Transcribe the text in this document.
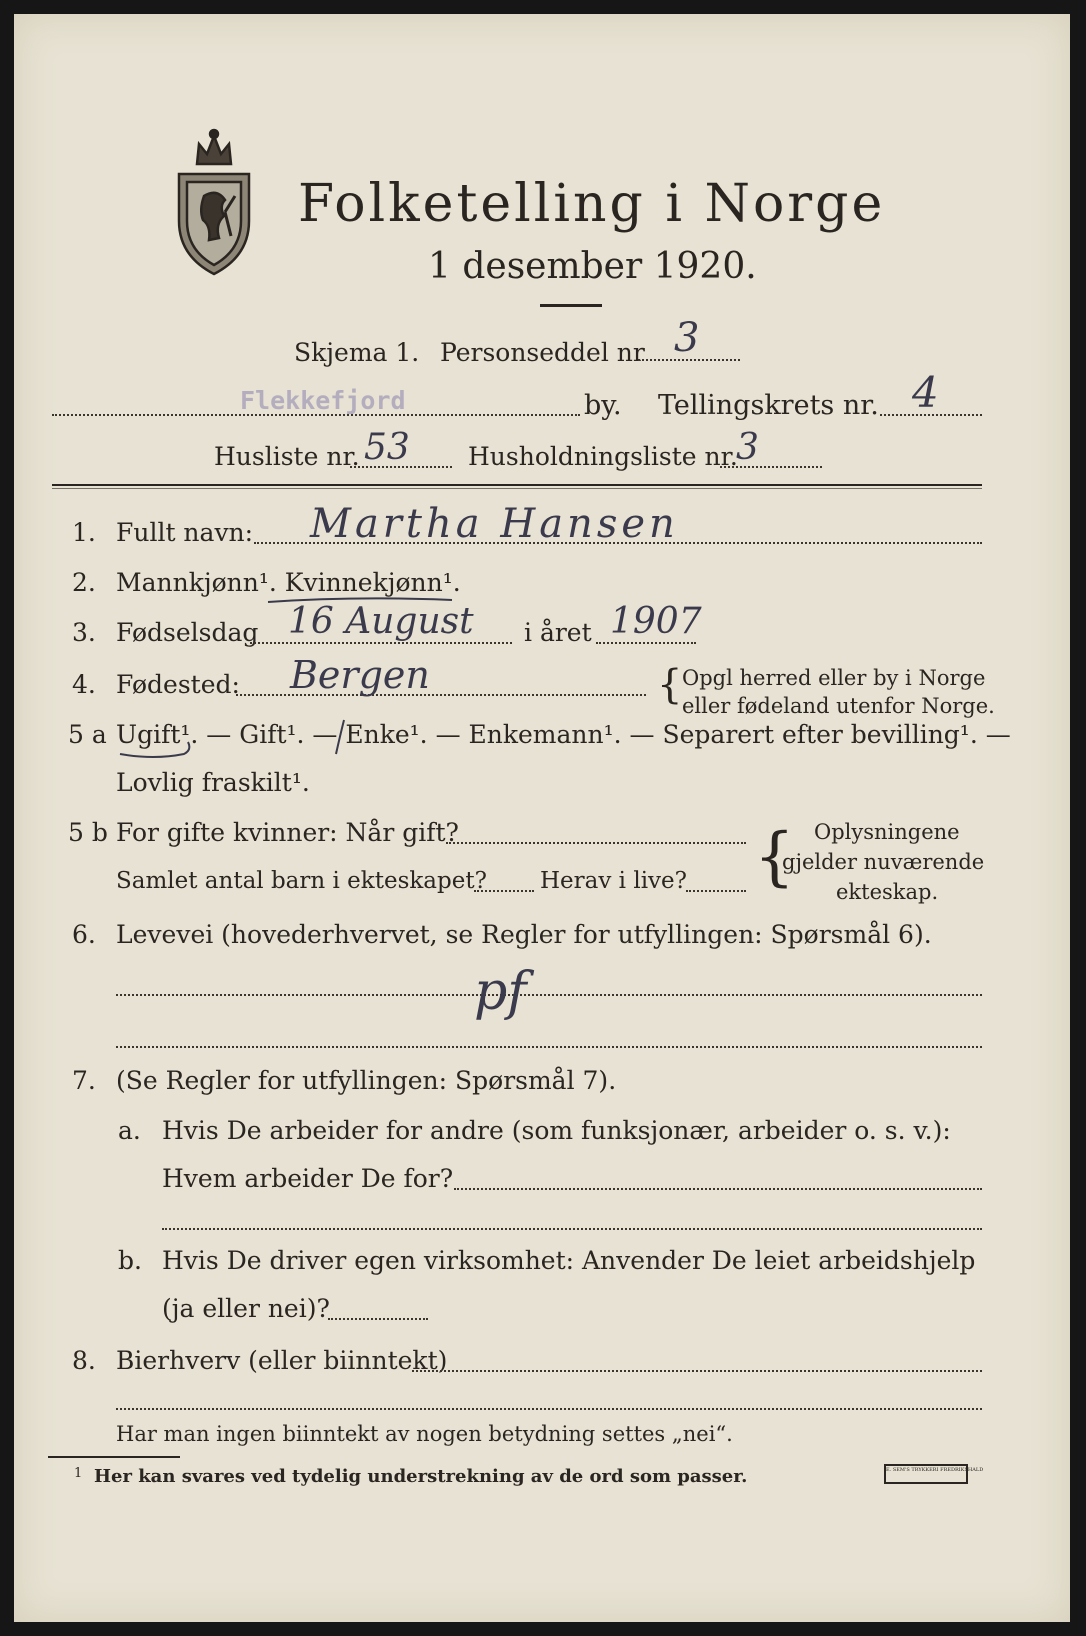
Folketelling i Norge
1 desember 1920.
Skjema 1. Personseddel nr 3
Flekkefjord	by. Tellingskrets nr. 4
Husliste nr. 53 Husholdningsliste nr.
3
1. Fullt navn: Martha Hansen
2. Mannkjønn¹. Kvinnekjønn¹.
3. Fødselsdag 16 August i året 1907
4. Fødested: Bergen	{ Opgl herred eller by i Norge
eller fødeland utenfor Norge.
5 a Ugift¹. — Gift¹. — Enke¹. — Enkemann¹. — Separert efter bevilling¹. —
Lovlig fraskilt¹.
5 b For gifte kvinner: Når gift?
Samlet antal barn i ekteskapet? Herav i live? { Oplysningene
gjelder nuværende
ekteskap.
6. Levevei (hovederhvervet, se Regler for utfyllingen: Spørsmål 6).
pf
7. (Se Regler for utfyllingen: Spørsmål 7).
a. Hvis De arbeider for andre (som funksjonær, arbeider o. s. v.):
Hvem arbeider De for?
b. Hvis De driver egen virksomhet: Anvender De leiet arbeidshjelp
(ja eller nei)?
8. Bierhverv (eller biinntekt)
Har man ingen biinntekt av nogen betydning settes „nei“.
1 Her kan svares ved tydelig understrekning av de ord som passer.	E. SEM'S TRYKKERI FREDRIKSHALD
